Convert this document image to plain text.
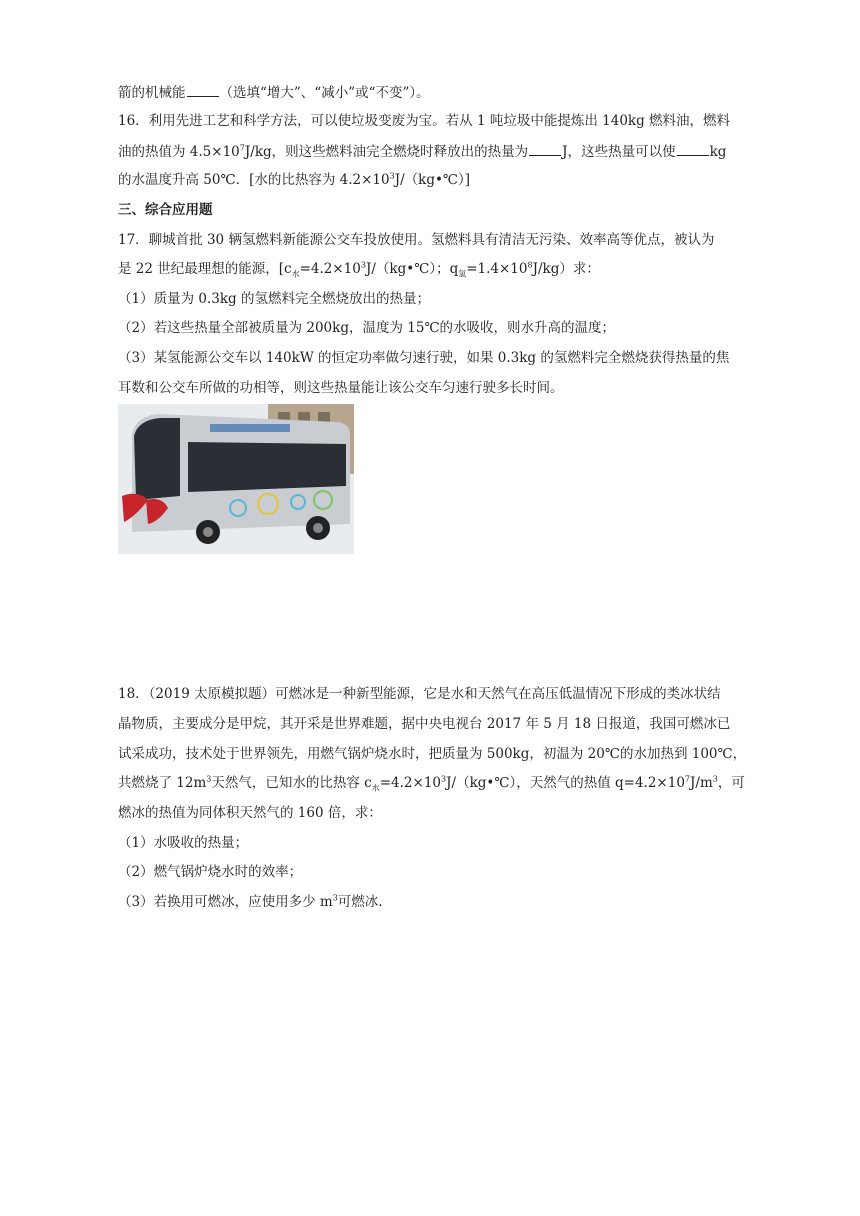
箭的机械能	（选填“增大”、“减小”或“不变”）。
16．利用先进工艺和科学方法，可以使垃圾变废为宝。若从 1 吨垃圾中能提炼出 140kg 燃料油，燃料
油的热值为 $4.5\times 10^7J/kg$，则这些燃料油完全燃烧时释放出的热量为	J，这些热量可以使	kg
的水温度升高 50℃．[水的比热容为 $4.2\times 10^3J/(kg•℃)$]
三、综合应用题
17．聊城首批 30 辆氢燃料新能源公交车投放使用。氢燃料具有清洁无污染、效率高等优点，被认为
是 22 世纪最理想的能源，[$c_水=4.2\times 10^3J/(kg•℃)$；$q_氢=1.4\times 10^8J/kg$）求：
（1）质量为 0.3kg 的氢燃料完全燃烧放出的热量；
（2）若这些热量全部被质量为 200kg，温度为 15℃的水吸收，则水升高的温度；
（3）某氢能源公交车以 140kW 的恒定功率做匀速行驶，如果 0.3kg 的氢燃料完全燃烧获得热量的焦
耳数和公交车所做的功相等，则这些热量能让该公交车匀速行驶多长时间。
18．（2019 太原模拟题）可燃冰是一种新型能源，它是水和天然气在高压低温情况下形成的类冰状结
晶物质，主要成分是甲烷，其开采是世界难题，据中央电视台 2017 年 5 月 18 日报道，我国可燃冰已
试采成功，技术处于世界领先，用燃气锅炉烧水时，把质量为 500kg，初温为 20℃的水加热到 100℃，
共燃烧了 $12m^3$天然气，已知水的比热容 $c_水=4.2\times 10^3J/(kg•℃)$，天然气的热值 $q=4.2\times 10^7J/m^3$，可
燃冰的热值为同体积天然气的 160 倍，求：
（1）水吸收的热量；
（2）燃气锅炉烧水时的效率；
（3）若换用可燃冰，应使用多少 $m^3$可燃冰.
